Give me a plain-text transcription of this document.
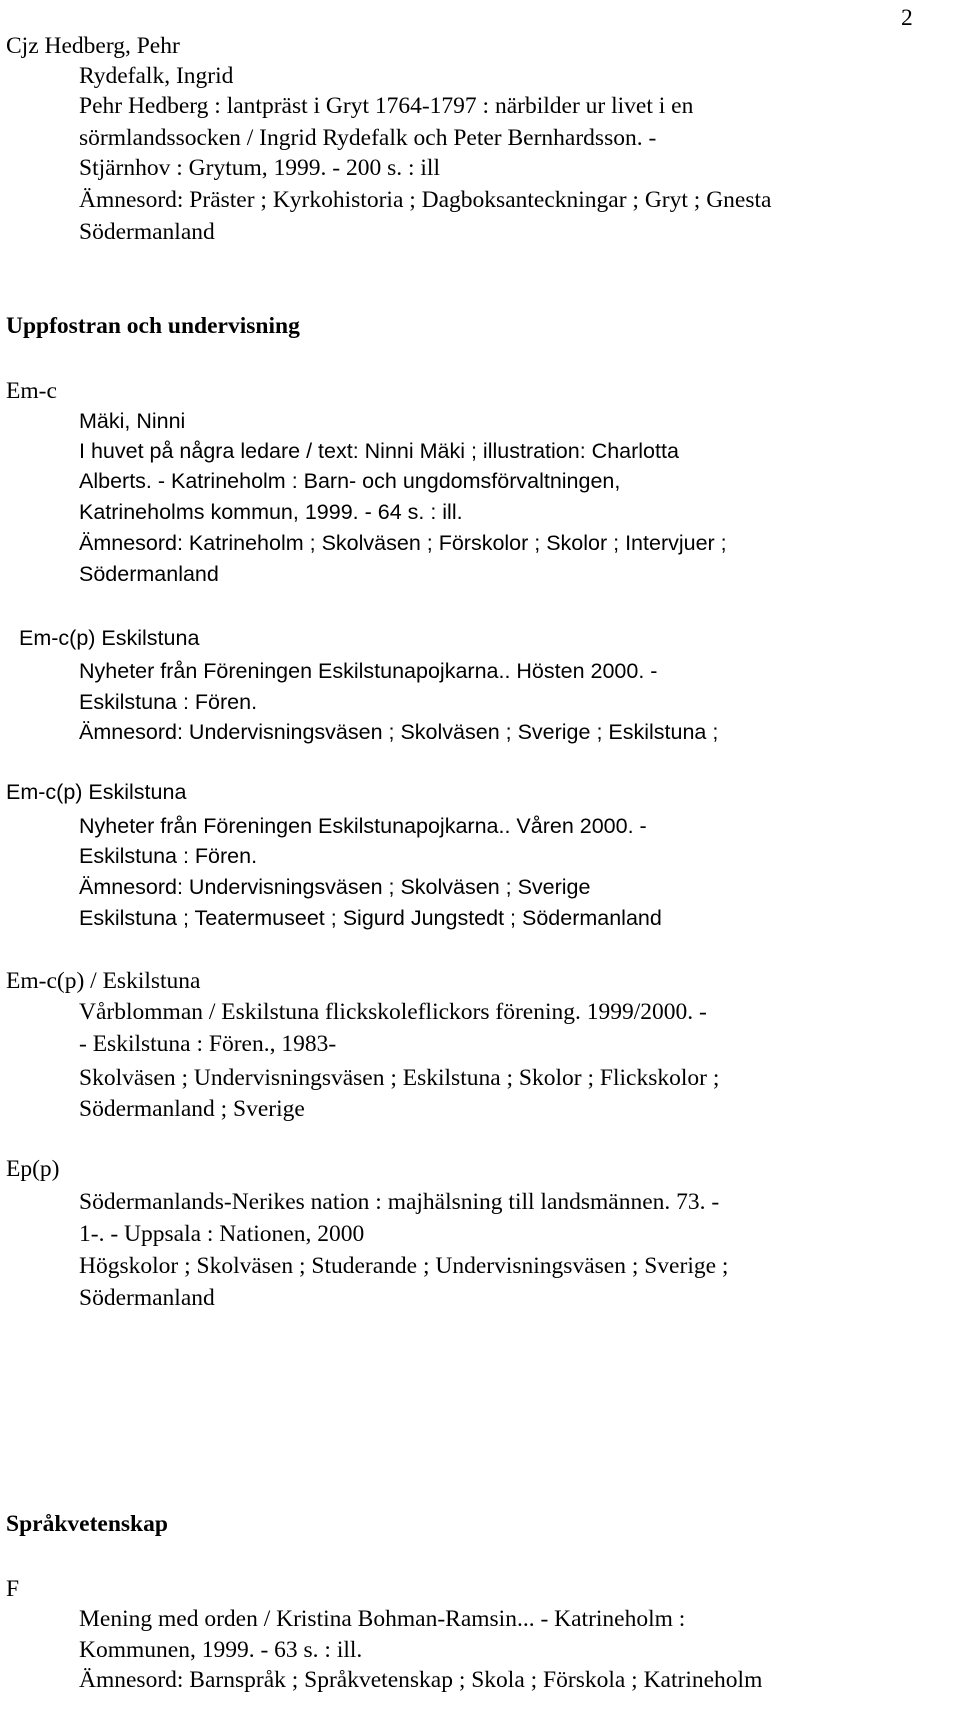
2
Cjz Hedberg, Pehr
Rydefalk, Ingrid
Pehr Hedberg : lantpräst i Gryt 1764-1797 : närbilder ur livet i en
sörmlandssocken / Ingrid Rydefalk och Peter Bernhardsson. -
Stjärnhov : Grytum, 1999. - 200 s. : ill
Ämnesord: Präster ; Kyrkohistoria ; Dagboksanteckningar ; Gryt ; Gnesta
Södermanland
Uppfostran och undervisning
Em-c
Mäki, Ninni
I huvet på några ledare / text: Ninni Mäki ; illustration: Charlotta
Alberts. - Katrineholm : Barn- och ungdomsförvaltningen,
Katrineholms kommun, 1999. - 64 s. : ill.
Ämnesord: Katrineholm ; Skolväsen ; Förskolor ; Skolor ; Intervjuer ;
Södermanland
Em-c(p) Eskilstuna
Nyheter från Föreningen Eskilstunapojkarna.. Hösten 2000. -
Eskilstuna : Fören.
Ämnesord: Undervisningsväsen ; Skolväsen ; Sverige ; Eskilstuna ;
Em-c(p) Eskilstuna
Nyheter från Föreningen Eskilstunapojkarna.. Våren 2000. -
Eskilstuna : Fören.
Ämnesord: Undervisningsväsen ; Skolväsen ; Sverige
Eskilstuna ; Teatermuseet ; Sigurd Jungstedt ; Södermanland
Em-c(p) / Eskilstuna
Vårblomman / Eskilstuna flickskoleflickors förening. 1999/2000. -
- Eskilstuna : Fören., 1983-
Skolväsen ; Undervisningsväsen ; Eskilstuna ; Skolor ; Flickskolor ;
Södermanland ; Sverige
Ep(p)
Södermanlands-Nerikes nation : majhälsning till landsmännen. 73. -
1-. - Uppsala : Nationen, 2000
Högskolor ; Skolväsen ; Studerande ; Undervisningsväsen ; Sverige ;
Södermanland
Språkvetenskap
F
Mening med orden / Kristina Bohman-Ramsin... - Katrineholm :
Kommunen, 1999. - 63 s. : ill.
Ämnesord: Barnspråk ; Språkvetenskap ; Skola ; Förskola ; Katrineholm
